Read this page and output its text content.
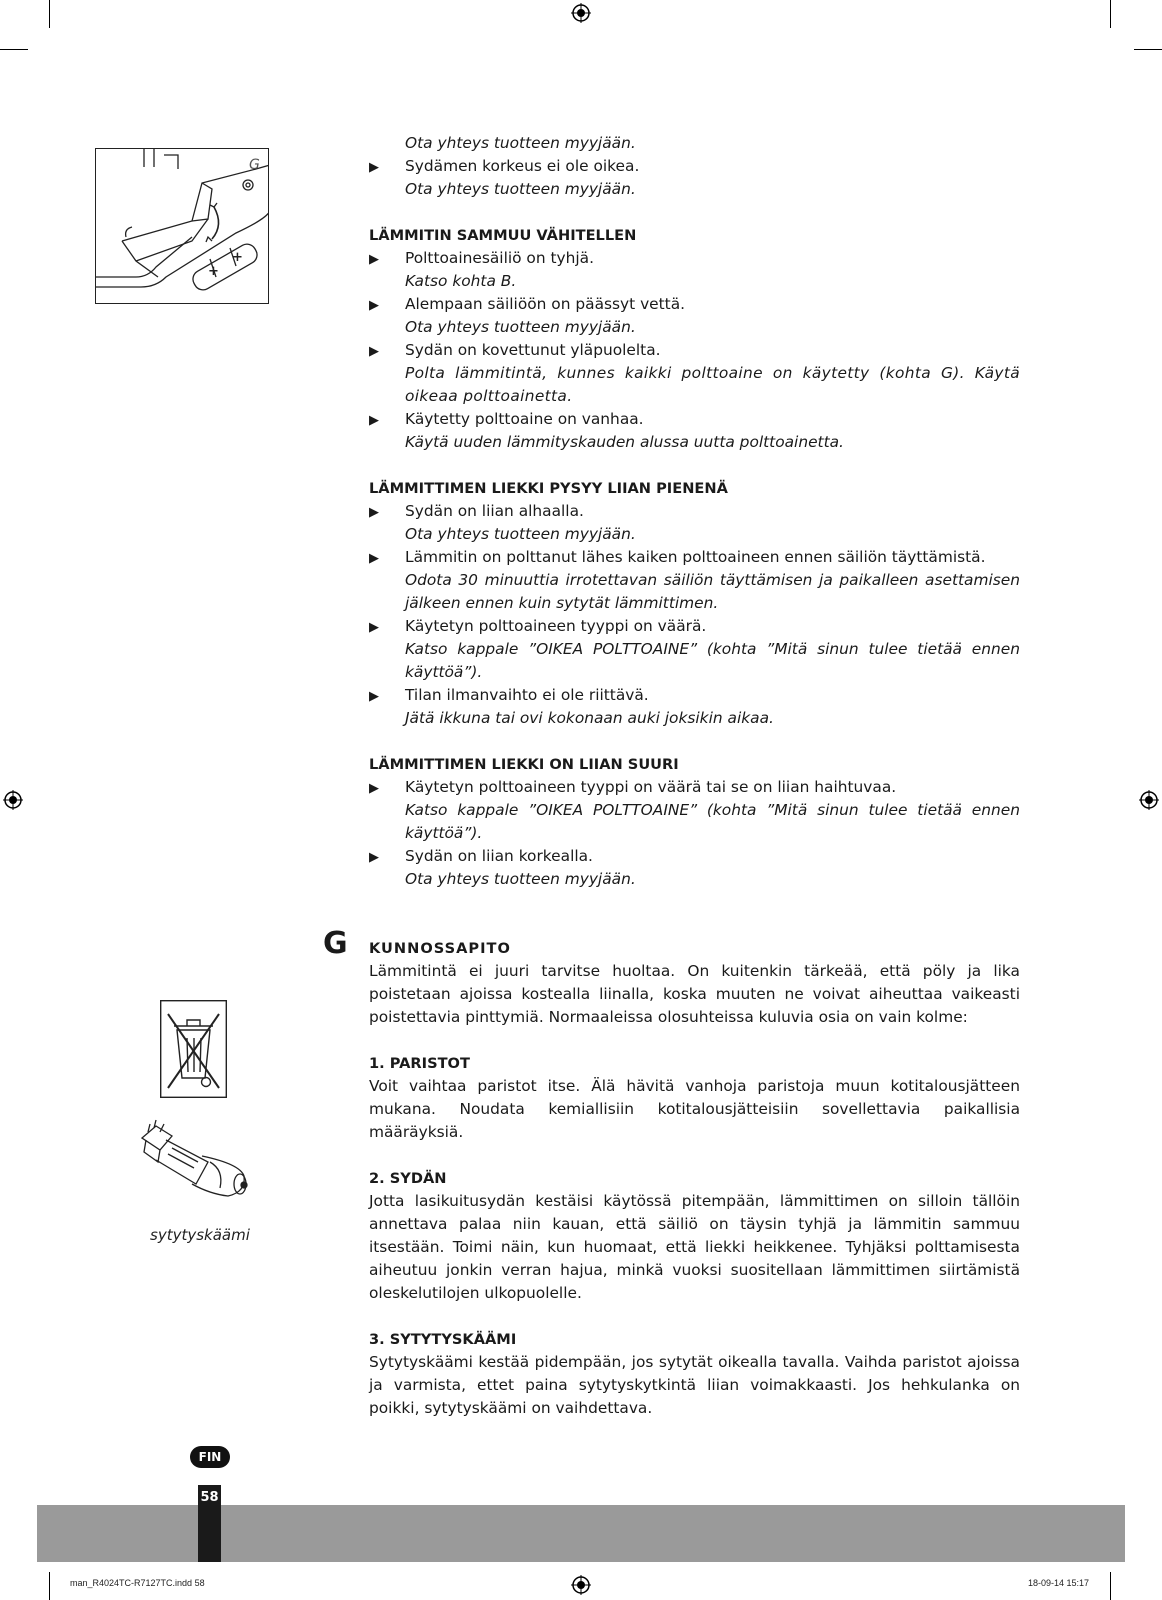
+
+
G
sytytyskäämi
G

Ota yhteys tuotteen myyjään.

▶ Sydämen korkeus ei ole oikea.

Ota yhteys tuotteen myyjään.

LÄMMITIN SAMMUU VÄHITELLEN

▶ Polttoainesäiliö on tyhjä.

Katso kohta B.

▶ Alempaan säiliöön on päässyt vettä.

Ota yhteys tuotteen myyjään.

▶ Sydän on kovettunut yläpuolelta.

Polta lämmitintä, kunnes kaikki polttoaine on käytetty (kohta G). Käytä oikeaa polttoainetta.

▶ Käytetty polttoaine on vanhaa.

Käytä uuden lämmityskauden alussa uutta polttoainetta.

LÄMMITTIMEN LIEKKI PYSYY LIIAN PIENENÄ

▶ Sydän on liian alhaalla.

Ota yhteys tuotteen myyjään.

▶ Lämmitin on polttanut lähes kaiken polttoaineen ennen säiliön täyttämistä.

Odota 30 minuuttia irrotettavan säiliön täyttämisen ja paikalleen asettamisen jälkeen ennen kuin sytytät lämmittimen.

▶ Käytetyn polttoaineen tyyppi on väärä.

Katso kappale ”OIKEA POLTTOAINE” (kohta ”Mitä sinun tulee tietää ennen käyttöä”).

▶ Tilan ilmanvaihto ei ole riittävä.

Jätä ikkuna tai ovi kokonaan auki joksikin aikaa.

LÄMMITTIMEN LIEKKI ON LIIAN SUURI

▶ Käytetyn polttoaineen tyyppi on väärä tai se on liian haihtuvaa.

Katso kappale ”OIKEA POLTTOAINE” (kohta ”Mitä sinun tulee tietää ennen käyttöä”).

▶ Sydän on liian korkealla.

Ota yhteys tuotteen myyjään.

KUNNOSSAPITO

Lämmitintä ei juuri tarvitse huoltaa. On kuitenkin tärkeää, että pöly ja lika poistetaan ajoissa kostealla liinalla, koska muuten ne voivat aiheuttaa vaikeasti poistettavia pinttymiä. Normaaleissa olosuhteissa kuluvia osia on vain kolme:

1. PARISTOT

Voit vaihtaa paristot itse. Älä hävitä vanhoja paristoja muun kotitalousjätteen mukana. Noudata kemiallisiin kotitalousjätteisiin sovellettavia paikallisia määräyksiä.

2. SYDÄN

Jotta lasikuitusydän kestäisi käytössä pitempään, lämmittimen on silloin tällöin annettava palaa niin kauan, että säiliö on täysin tyhjä ja lämmitin sammuu itsestään. Toimi näin, kun huomaat, että liekki heikkenee. Tyhjäksi polttamisesta aiheutuu jonkin verran hajua, minkä vuoksi suositellaan lämmittimen siirtämistä oleskelutilojen ulkopuolelle.

3. SYTYTYSKÄÄMI

Sytytyskäämi kestää pidempään, jos sytytät oikealla tavalla. Vaihda paristot ajoissa ja varmista, ettet paina sytytyskytkintä liian voimakkaasti. Jos hehkulanka on poikki, sytytyskäämi on vaihdettava.

FIN
58
man_R4024TC-R7127TC.indd 58	18-09-14 15:17
